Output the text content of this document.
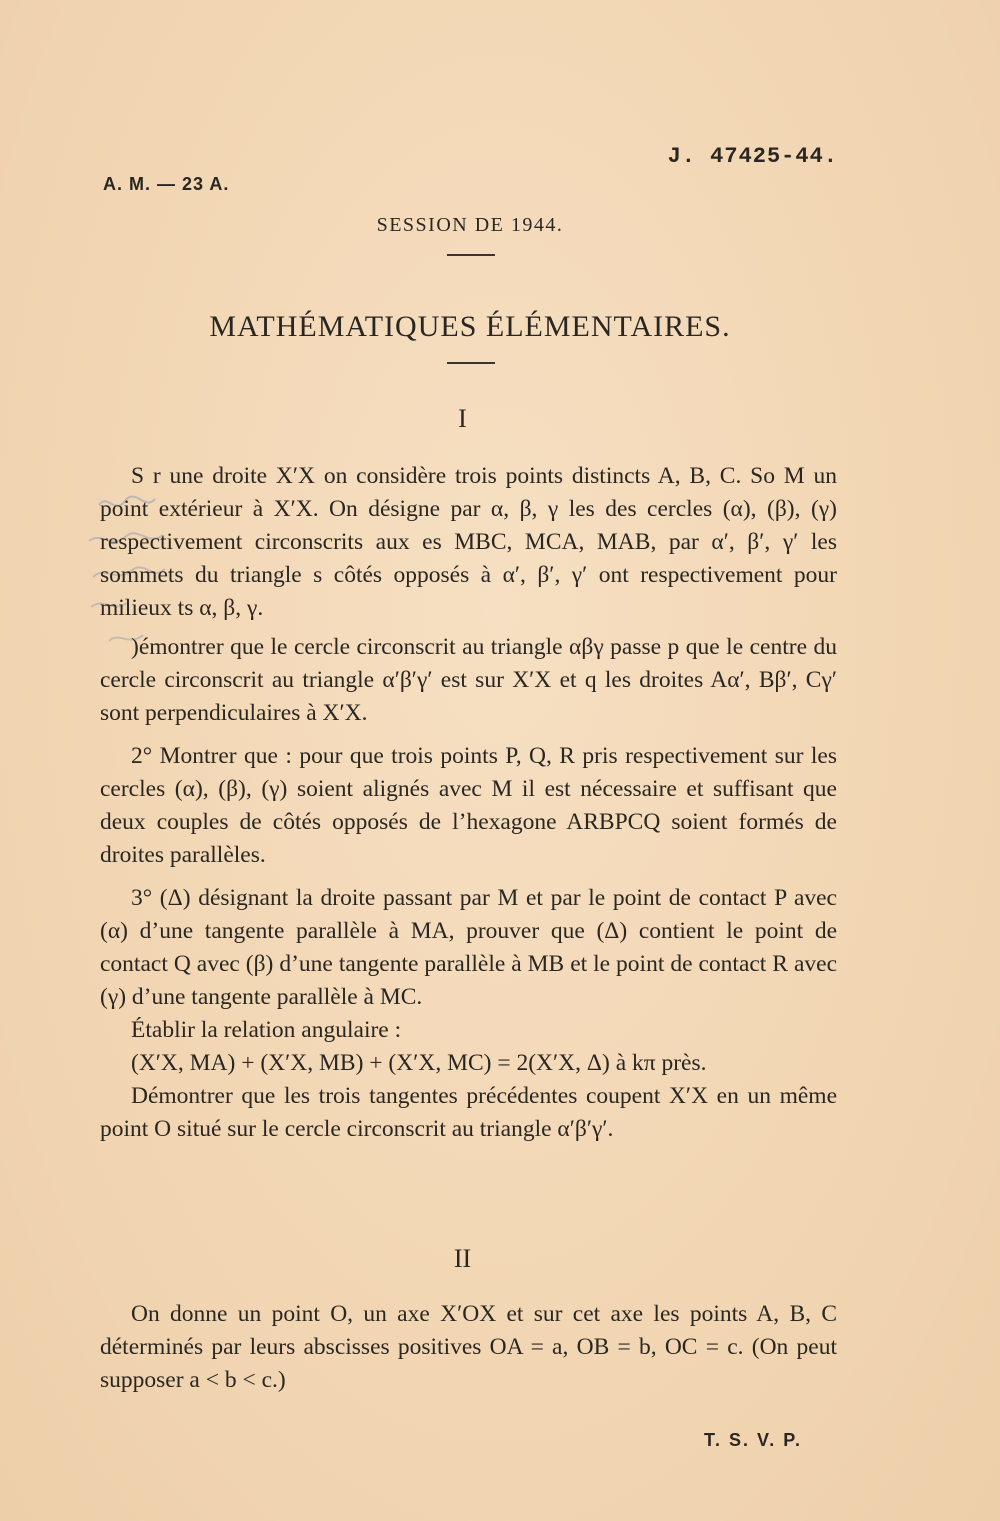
J. 47425-44.
A. M. — 23 A.
SESSION DE 1944.
MATHÉMATIQUES ÉLÉMENTAIRES.
I

S r une droite X′X on considère trois points distincts A, B, C. So M un point extérieur à X′X. On désigne par α, β, γ les des cercles (α), (β), (γ) respectivement circonscrits aux es MBC, MCA, MAB, par α′, β′, γ′ les sommets du triangle s côtés opposés à α′, β′, γ′ ont respectivement pour milieux ts α, β, γ.

)émontrer que le cercle circonscrit au triangle αβγ passe p que le centre du cercle circonscrit au triangle α′β′γ′ est sur X′X et q les droites Aα′, Bβ′, Cγ′ sont perpendiculaires à X′X.

2° Montrer que : pour que trois points P, Q, R pris respectivement sur les cercles (α), (β), (γ) soient alignés avec M il est nécessaire et suffisant que deux couples de côtés opposés de l’hexagone ARBPCQ soient formés de droites parallèles.

3° (Δ) désignant la droite passant par M et par le point de contact P avec (α) d’une tangente parallèle à MA, prouver que (Δ) contient le point de contact Q avec (β) d’une tangente parallèle à MB et le point de contact R avec (γ) d’une tangente parallèle à MC.

Établir la relation angulaire :

(X′X, MA) + (X′X, MB) + (X′X, MC) = 2(X′X, Δ) à kπ près.

Démontrer que les trois tangentes précédentes coupent X′X en un même point O situé sur le cercle circonscrit au triangle α′β′γ′.

II

On donne un point O, un axe X′OX et sur cet axe les points A, B, C déterminés par leurs abscisses positives OA = a, OB = b, OC = c. (On peut supposer a < b < c.)

T. S. V. P.
